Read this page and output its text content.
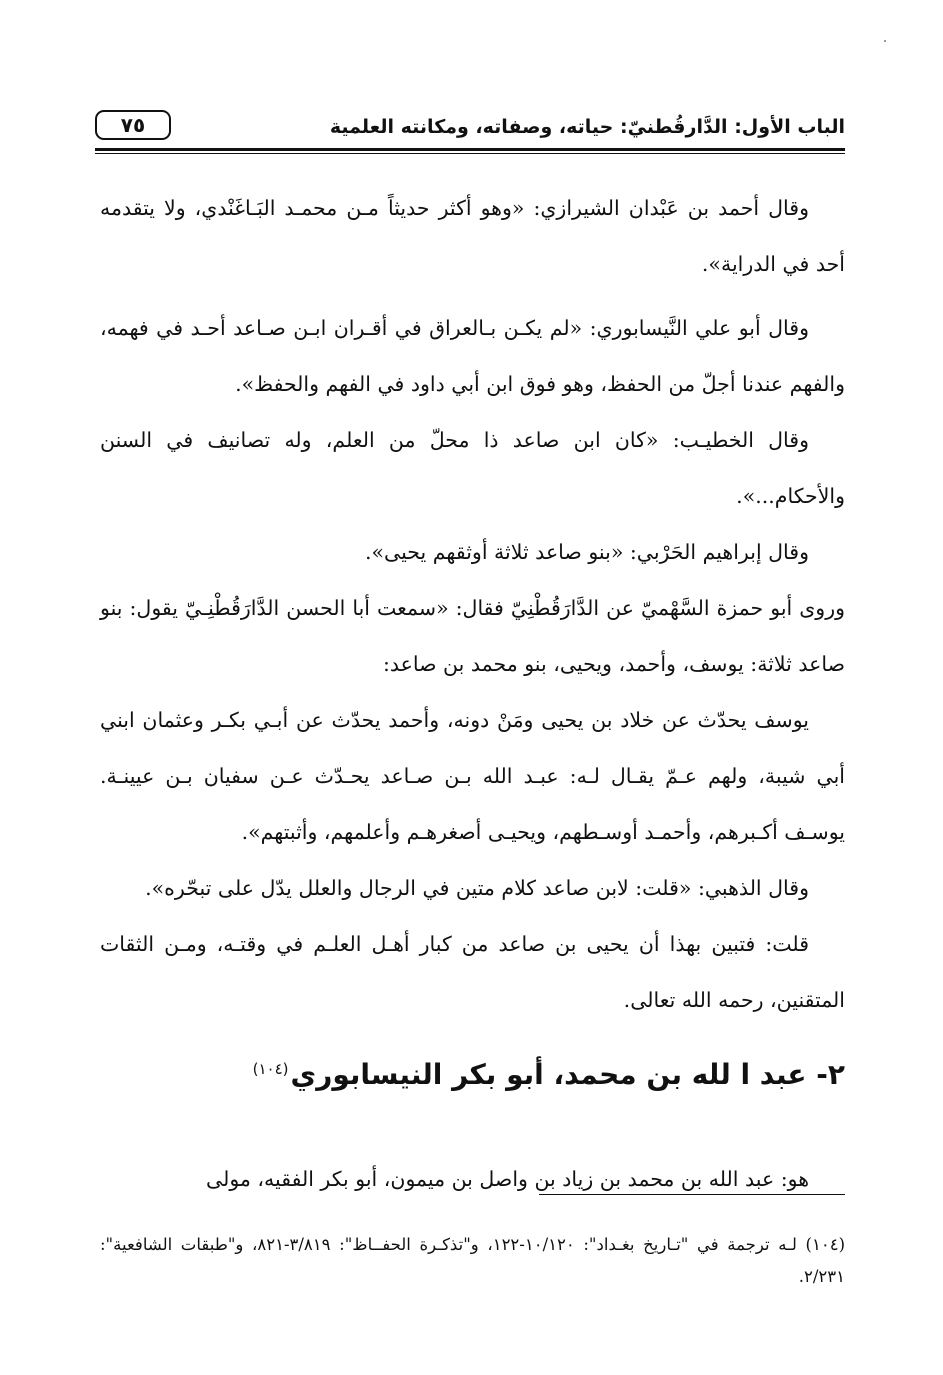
الباب الأول: الدَّارقُطنيّ: حياته، وصفاته، ومكانته العلمية
٧٥

وقال أحمد بن عَبْدان الشيرازي: «وهو أكثر حديثاً مـن محمـد البَـاغَنْدي، ولا يتقدمه أحد في الدراية».

وقال أبو علي النَّيسابوري: «لم يكـن بـالعراق في أقـران ابـن صـاعد أحـد في فهمه، والفهم عندنا أجلّ من الحفظ، وهو فوق ابن أبي داود في الفهم والحفظ».

وقال الخطيـب: «كان ابن صاعد ذا محلّ من العلم، وله تصانيف في السنن والأحكام...».

وقال إبراهيم الحَرْبي: «بنو صاعد ثلاثة أوثقهم يحيى».

وروى أبو حمزة السَّهْميّ عن الدَّارَقُطْنِيّ فقال: «سمعت أبا الحسن الدَّارَقُطْنِـيّ يقول: بنو صاعد ثلاثة: يوسف، وأحمد، ويحيى، بنو محمد بن صاعد:

يوسف يحدّث عن خلاد بن يحيى ومَنْ دونه، وأحمد يحدّث عن أبـي بكـر وعثمان ابني أبي شيبة، ولهم عـمّ يقـال لـه: عبـد الله بـن صـاعد يحـدّث عـن سفيان بـن عيينـة. يوسـف أكـبرهم، وأحمـد أوسـطهم، ويحيـى أصغرهـم وأعلمهم، وأثبتهم».

وقال الذهبي: «قلت: لابن صاعد كلام متين في الرجال والعلل يدّل على تبحّره».

قلت: فتبين بهذا أن يحيى بن صاعد من كبار أهـل العلـم في وقتـه، ومـن الثقات المتقنين، رحمه الله تعالى.

٢- عبد ا لله بن محمد، أبو بكر النيسابوري$^{(١٠٤)}$

هو: عبد الله بن محمد بن زياد بن واصل بن ميمون، أبو بكر الفقيه، مولى

(١٠٤) لـه ترجمة في "تـاريخ بغـداد": ١٠/١٢٠-١٢٢، و"تذكـرة الحفــاظ": ٣/٨١٩-٨٢١، و"طبقات الشافعية": ٢/٢٣١.
